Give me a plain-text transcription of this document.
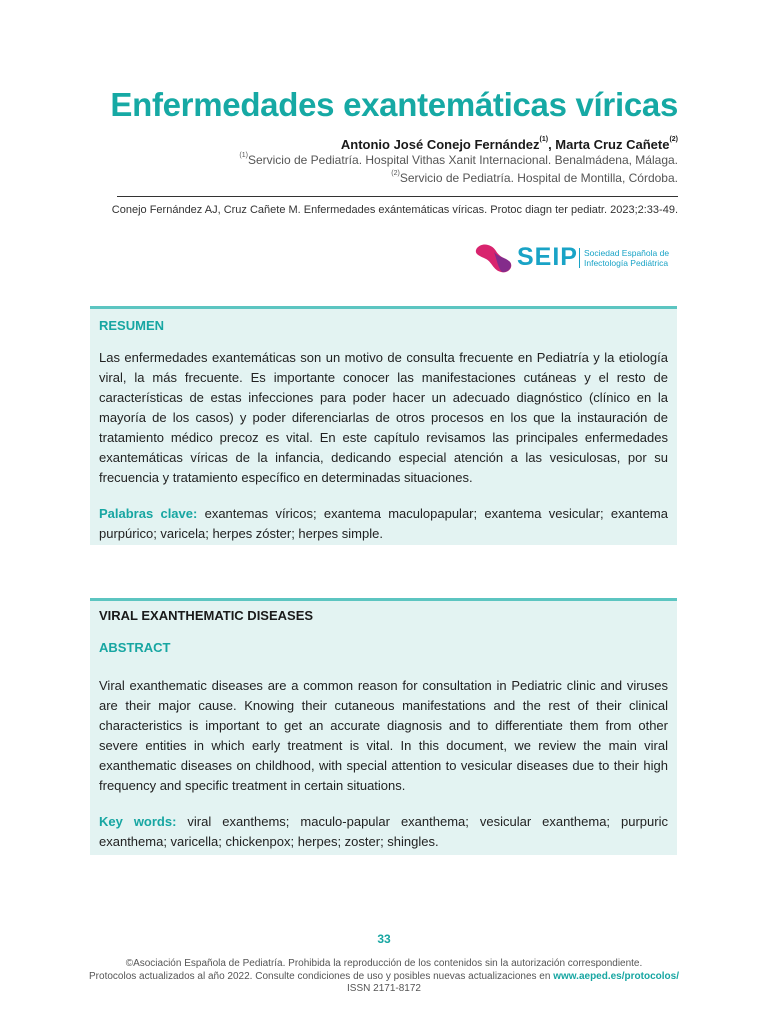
Enfermedades exantemáticas víricas
Antonio José Conejo Fernández$^{(1)}$, Marta Cruz Cañete$^{(2)}$
$^{(1)}$Servicio de Pediatría. Hospital Vithas Xanit Internacional. Benalmádena, Málaga.
$^{(2)}$Servicio de Pediatría. Hospital de Montilla, Córdoba.
Conejo Fernández AJ, Cruz Cañete M. Enfermedades exántemáticas víricas. Protoc diagn ter pediatr. 2023;2:33-49.
SEIP Sociedad Española de
Infectología Pediátrica
RESUMEN

Las enfermedades exantemáticas son un motivo de consulta frecuente en Pediatría y la etiología viral, la más frecuente. Es importante conocer las manifestaciones cutáneas y el resto de características de estas infecciones para poder hacer un adecuado diagnóstico (clínico en la mayoría de los casos) y poder diferenciarlas de otros procesos en los que la instauración de tratamiento médico precoz es vital. En este capítulo revisamos las principales enfermedades exantemáticas víricas de la infancia, dedicando especial atención a las vesiculosas, por su frecuencia y tratamiento específico en determinadas situaciones.

Palabras clave: exantemas víricos; exantema maculopapular; exantema vesicular; exantema purpúrico; varicela; herpes zóster; herpes simple.

VIRAL EXANTHEMATIC DISEASES
ABSTRACT

Viral exanthematic diseases are a common reason for consultation in Pediatric clinic and viruses are their major cause. Knowing their cutaneous manifestations and the rest of their clinical characteristics is important to get an accurate diagnosis and to differentiate them from other severe entities in which early treatment is vital. In this document, we review the main viral exanthematic diseases on childhood, with special attention to vesicular diseases due to their high frequency and specific treatment in certain situations.

Key words: viral exanthems; maculo-papular exanthema; vesicular exanthema; purpuric exanthema; varicella; chickenpox; herpes; zoster; shingles.

33
©Asociación Española de Pediatría. Prohibida la reproducción de los contenidos sin la autorización correspondiente.
Protocolos actualizados al año 2022. Consulte condiciones de uso y posibles nuevas actualizaciones en www.aeped.es/protocolos/
ISSN 2171-8172
